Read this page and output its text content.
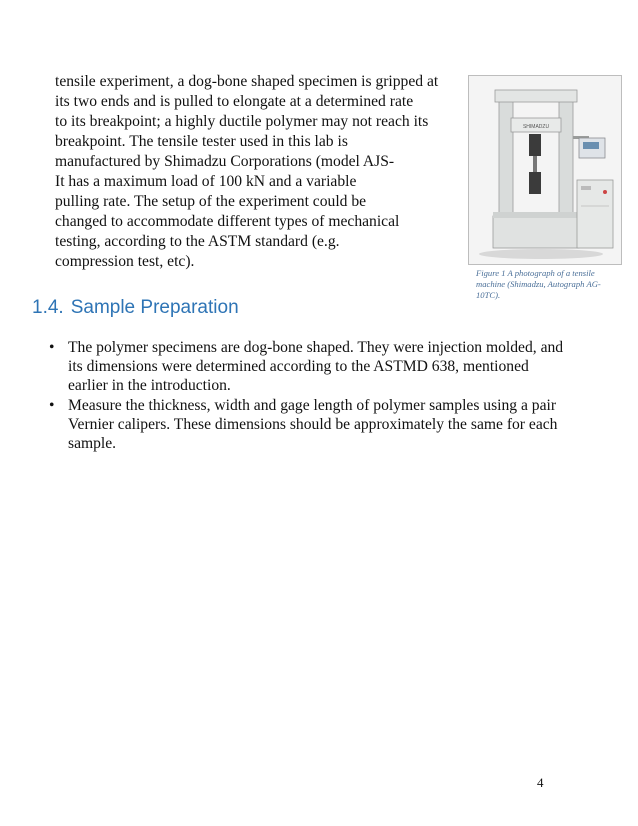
tensile experiment, a dog-bone shaped specimen is gripped at
its two ends and is pulled to elongate at a determined rate
to its breakpoint; a highly ductile polymer may not reach its
breakpoint. The tensile tester used in this lab is
manufactured by Shimadzu Corporations (model AJS-
It has a maximum load of 100 kN and a variable
pulling rate. The setup of the experiment could be
changed to accommodate different types of mechanical
testing, according to the ASTM standard (e.g.
compression test, etc).
SHIMADZU
Figure 1 A photograph of a tensile machine (Shimadzu, Autograph AG-10TC).
1.4. Sample Preparation
• The polymer specimens are dog-bone shaped. They were injection molded, and
its dimensions were determined according to the ASTMD 638, mentioned
earlier in the introduction.
• Measure the thickness, width and gage length of polymer samples using a pair
Vernier calipers. These dimensions should be approximately the same for each
sample.
4
